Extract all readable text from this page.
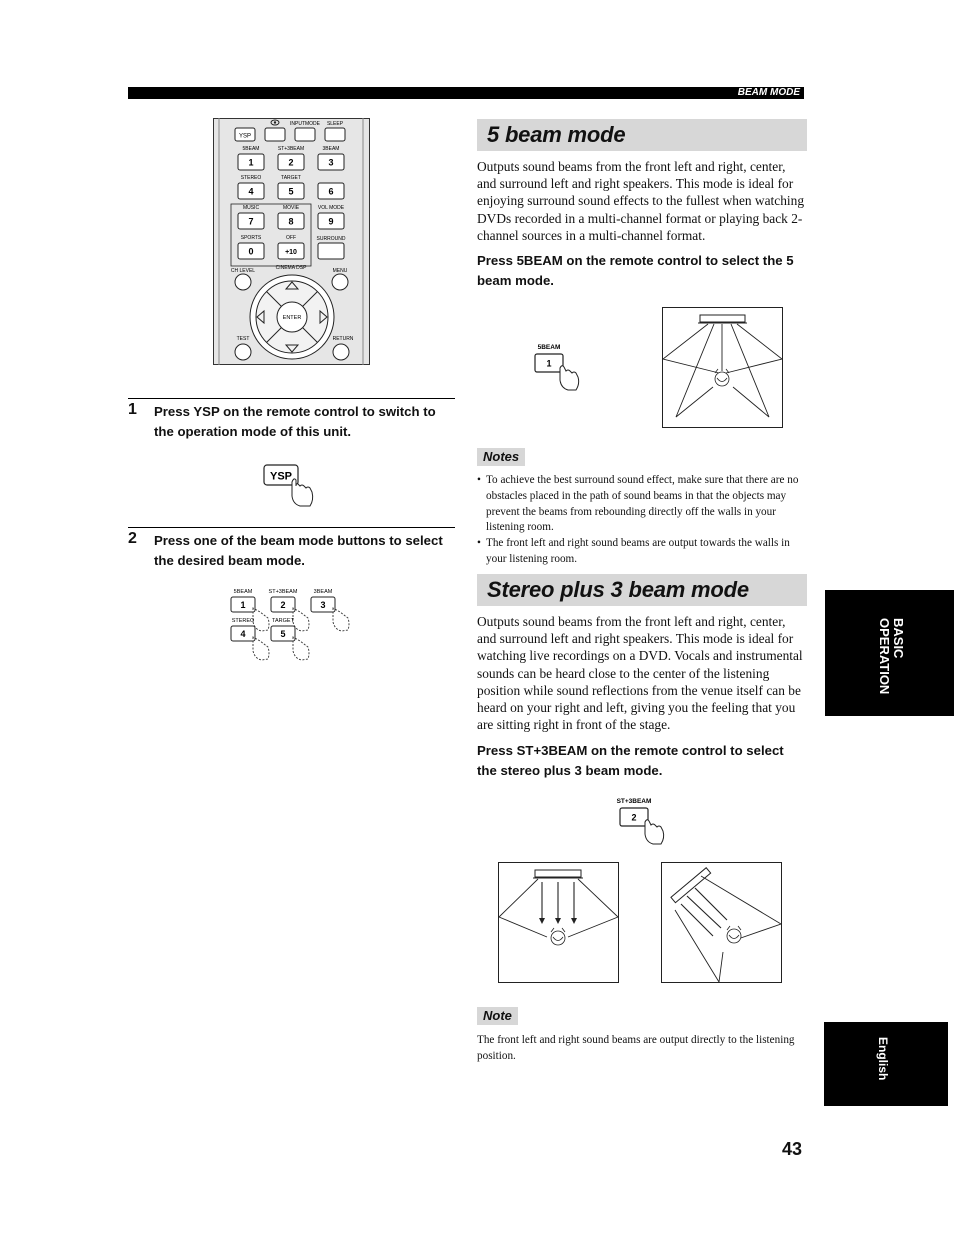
BEAM MODE
YSP
INPUTMODE SLEEP
5BEAM	ST+3BEAM	3BEAM
1	2	3
STEREO	TARGET
4	5	6
MUSIC	MOVIE	VOL MODE
7	8	9
SPORTS	OFF	SURROUND
0	+10
CH LEVEL	CINEMA DSP	MENU
ENTER
TEST	RETURN
1 Press YSP on the remote control to switch to the operation mode of this unit.
YSP
2 Press one of the beam mode buttons to select the desired beam mode.
5BEAM	ST+3BEAM	3BEAM
1	2	3
STEREO	TARGET
4	5
5 beam mode
Outputs sound beams from the front left and right, center, and surround left and right speakers. This mode is ideal for enjoying surround sound effects to the fullest when watching DVDs recorded in a multi-channel format or playing back 2-channel sources in a multi-channel format.
Press 5BEAM on the remote control to select the 5 beam mode.
5BEAM
1
Notes
• To achieve the best surround sound effect, make sure that there are no obstacles placed in the path of sound beams in that the objects may prevent the beams from rebounding directly off the walls in your listening room.
• The front left and right sound beams are output towards the walls in your listening room.
Stereo plus 3 beam mode
Outputs sound beams from the front left and right, center, and surround left and right speakers. This mode is ideal for watching live recordings on a DVD. Vocals and instrumental sounds can be heard close to the center of the listening position while sound reflections from the venue itself can be heard on your right and left, giving you the feeling that you are sitting right in front of the stage.
Press ST+3BEAM on the remote control to select the stereo plus 3 beam mode.
ST+3BEAM
2
Note
The front left and right sound beams are output directly to the listening position.
BASIC OPERATION
English
43
